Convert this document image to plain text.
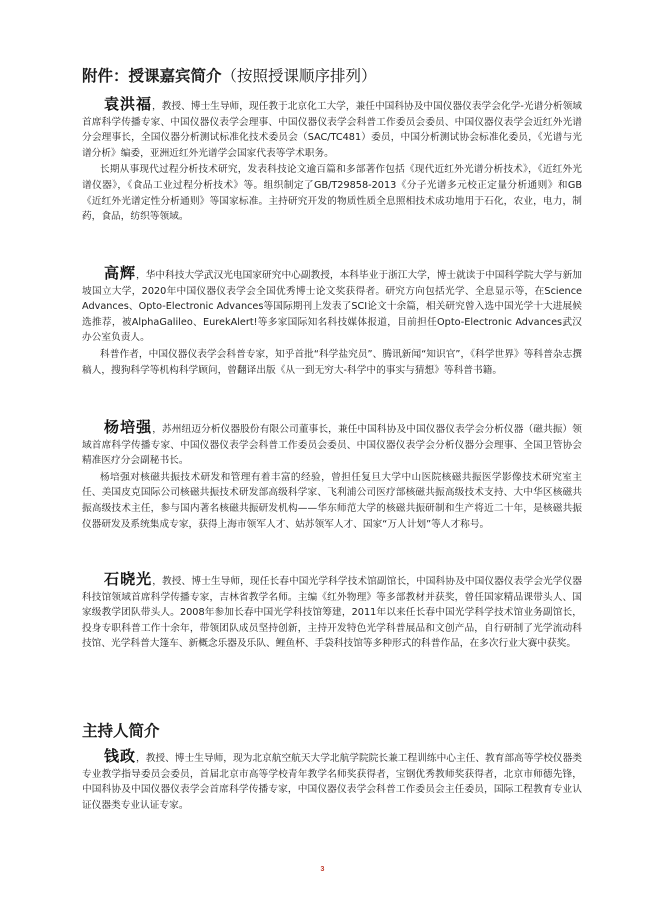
附件：授课嘉宾简介（按照授课顺序排列）

袁洪福，教授、博士生导师，现任教于北京化工大学，兼任中国科协及中国仪器仪表学会化学-光谱分析领域首席科学传播专家、中国仪器仪表学会理事、中国仪器仪表学会科普工作委员会委员、中国仪器仪表学会近红外光谱分会理事长，全国仪器分析测试标准化技术委员会（SAC/TC481）委员，中国分析测试协会标准化委员，《光谱与光谱分析》编委，亚洲近红外光谱学会国家代表等学术职务。

长期从事现代过程分析技术研究，发表科技论文逾百篇和多部著作包括《现代近红外光谱分析技术》，《近红外光谱仪器》，《食品工业过程分析技术》等。组织制定了GB/T29858-2013《分子光谱多元校正定量分析通则》和GB《近红外光谱定性分析通则》等国家标准。主持研究开发的物质性质全息照相技术成功地用于石化，农业，电力，制药，食品，纺织等领域。

高辉，华中科技大学武汉光电国家研究中心副教授，本科毕业于浙江大学，博士就读于中国科学院大学与新加坡国立大学，2020年中国仪器仪表学会全国优秀博士论文奖获得者。研究方向包括光学、全息显示等，在Science Advances、Opto-Electronic Advances等国际期刊上发表了SCI论文十余篇，相关研究曾入选中国光学十大进展候选推荐，被AlphaGalileo、EurekAlert!等多家国际知名科技媒体报道，目前担任Opto-Electronic Advances武汉办公室负责人。

科普作者，中国仪器仪表学会科普专家，知乎首批“科学盐究员”、腾讯新闻“知识官”，《科学世界》等科普杂志撰稿人，搜狗科学等机构科学顾问，曾翻译出版《从一到无穷大-科学中的事实与猜想》等科普书籍。

杨培强，苏州纽迈分析仪器股份有限公司董事长，兼任中国科协及中国仪器仪表学会分析仪器（磁共振）领域首席科学传播专家、中国仪器仪表学会科普工作委员会委员、中国仪器仪表学会分析仪器分会理事、全国卫管协会精准医疗分会副秘书长。

杨培强对核磁共振技术研发和管理有着丰富的经验，曾担任复旦大学中山医院核磁共振医学影像技术研究室主任、美国皮克国际公司核磁共振技术研发部高级科学家、飞利浦公司医疗部核磁共振高级技术支持、大中华区核磁共振高级技术主任，参与国内著名核磁共振研发机构——华东师范大学的核磁共振研制和生产将近二十年，是核磁共振仪器研发及系统集成专家，获得上海市领军人才、姑苏领军人才、国家“万人计划”等人才称号。

石晓光，教授、博士生导师，现任长春中国光学科学技术馆副馆长，中国科协及中国仪器仪表学会光学仪器科技馆领域首席科学传播专家，吉林省教学名师。主编《红外物理》等多部教材并获奖，曾任国家精品课带头人、国家级教学团队带头人。2008年参加长春中国光学科技馆筹建，2011年以来任长春中国光学科学技术馆业务副馆长，投身专职科普工作十余年，带领团队成员坚持创新，主持开发特色光学科普展品和文创产品，自行研制了光学流动科技馆、光学科普大篷车、新概念乐器及乐队、鲤鱼杯、手袋科技馆等多种形式的科普作品，在多次行业大赛中获奖。

主持人简介

钱政，教授、博士生导师，现为北京航空航天大学北航学院院长兼工程训练中心主任、教育部高等学校仪器类专业教学指导委员会委员，首届北京市高等学校青年教学名师奖获得者，宝钢优秀教师奖获得者，北京市师德先锋，中国科协及中国仪器仪表学会首席科学传播专家，中国仪器仪表学会科普工作委员会主任委员，国际工程教育专业认证仪器类专业认证专家。

3
